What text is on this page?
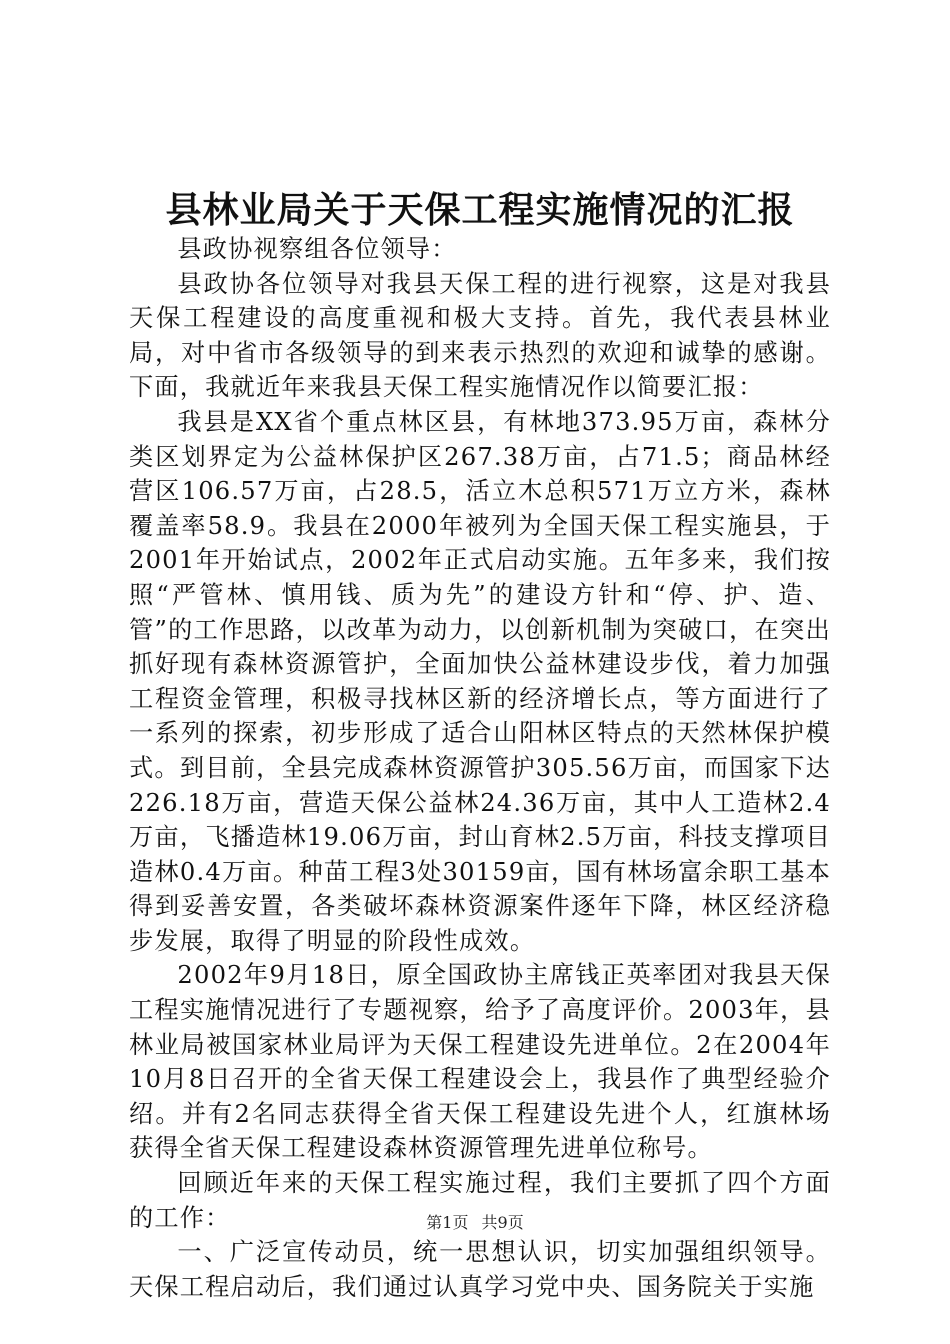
县林业局关于天保工程实施情况的汇报

县政协视察组各位领导：

县政协各位领导对我县天保工程的进行视察，这是对我县天保工程建设的高度重视和极大支持。首先，我代表县林业局，对中省市各级领导的到来表示热烈的欢迎和诚挚的感谢。下面，我就近年来我县天保工程实施情况作以简要汇报：

我县是XX省个重点林区县，有林地373.95万亩，森林分类区划界定为公益林保护区267.38万亩，占71.5；商品林经营区106.57万亩，占28.5，活立木总积571万立方米，森林覆盖率58.9。我县在2000年被列为全国天保工程实施县，于2001年开始试点，2002年正式启动实施。五年多来，我们按照“严管林、慎用钱、质为先”的建设方针和“停、护、造、管”的工作思路，以改革为动力，以创新机制为突破口，在突出抓好现有森林资源管护，全面加快公益林建设步伐，着力加强工程资金管理，积极寻找林区新的经济增长点，等方面进行了一系列的探索，初步形成了适合山阳林区特点的天然林保护模式。到目前，全县完成森林资源管护305.56万亩，而国家下达226.18万亩，营造天保公益林24.36万亩，其中人工造林2.4万亩，飞播造林19.06万亩，封山育林2.5万亩，科技支撑项目造林0.4万亩。种苗工程3处30159亩，国有林场富余职工基本得到妥善安置，各类破坏森林资源案件逐年下降，林区经济稳步发展，取得了明显的阶段性成效。

2002年9月18日，原全国政协主席钱正英率团对我县天保工程实施情况进行了专题视察，给予了高度评价。2003年，县林业局被国家林业局评为天保工程建设先进单位。2在2004年10月8日召开的全省天保工程建设会上，我县作了典型经验介绍。并有2名同志获得全省天保工程建设先进个人，红旗林场获得全省天保工程建设森林资源管理先进单位称号。

回顾近年来的天保工程实施过程，我们主要抓了四个方面的工作：

一、广泛宣传动员，统一思想认识，切实加强组织领导。天保工程启动后，我们通过认真学习党中央、国务院关于实施

第1页 共9页
